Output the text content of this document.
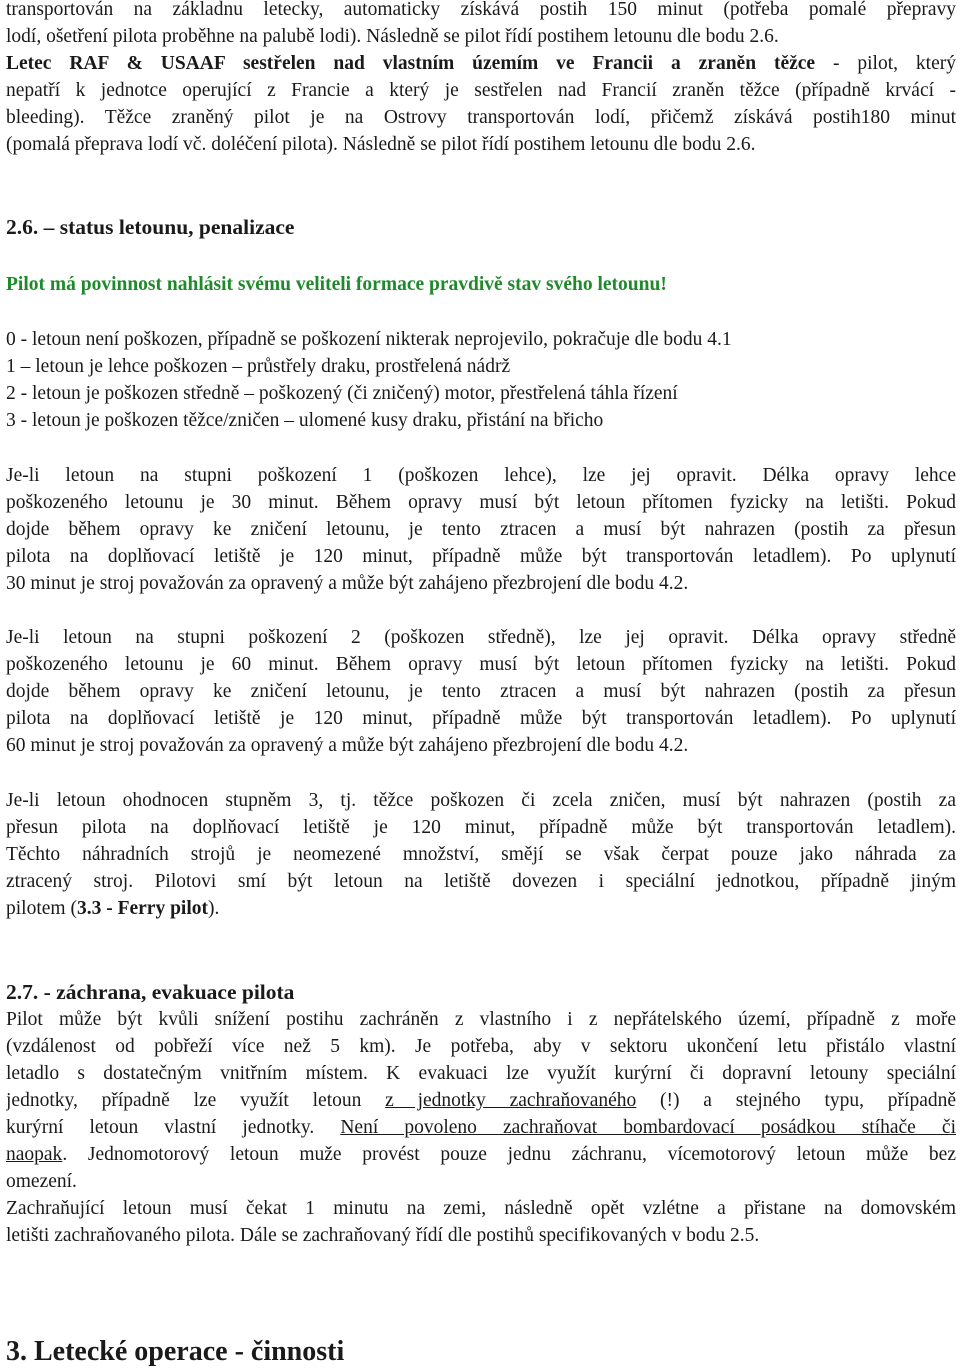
transportován na základnu letecky, automaticky získává postih 150 minut (potřeba pomalé přepravy
lodí, ošetření pilota proběhne na palubě lodi). Následně se pilot řídí postihem letounu dle bodu 2.6.
Letec RAF & USAAF sestřelen nad vlastním územím ve Francii a zraněn těžce - pilot, který
nepatří k jednotce operující z Francie a který je sestřelen nad Francií zraněn těžce (případně krvácí -
bleeding). Těžce zraněný pilot je na Ostrovy transportován lodí, přičemž získává postih180 minut
(pomalá přeprava lodí vč. doléčení pilota). Následně se pilot řídí postihem letounu dle bodu 2.6.
2.6. – status letounu, penalizace
Pilot má povinnost nahlásit svému veliteli formace pravdivě stav svého letounu!
0 - letoun není poškozen, případně se poškození nikterak neprojevilo, pokračuje dle bodu 4.1
1 – letoun je lehce poškozen – průstřely draku, prostřelená nádrž
2 - letoun je poškozen středně – poškozený (či zničený) motor, přestřelená táhla řízení
3 - letoun je poškozen těžce/zničen – ulomené kusy draku, přistání na břicho
Je-li letoun na stupni poškození 1 (poškozen lehce), lze jej opravit. Délka opravy lehce
poškozeného letounu je 30 minut. Během opravy musí být letoun přítomen fyzicky na letišti. Pokud
dojde během opravy ke zničení letounu, je tento ztracen a musí být nahrazen (postih za přesun
pilota na doplňovací letiště je 120 minut, případně může být transportován letadlem). Po uplynutí
30 minut je stroj považován za opravený a může být zahájeno přezbrojení dle bodu 4.2.
Je-li letoun na stupni poškození 2 (poškozen středně), lze jej opravit. Délka opravy středně
poškozeného letounu je 60 minut. Během opravy musí být letoun přítomen fyzicky na letišti. Pokud
dojde během opravy ke zničení letounu, je tento ztracen a musí být nahrazen (postih za přesun
pilota na doplňovací letiště je 120 minut, případně může být transportován letadlem). Po uplynutí
60 minut je stroj považován za opravený a může být zahájeno přezbrojení dle bodu 4.2.
Je-li letoun ohodnocen stupněm 3, tj. těžce poškozen či zcela zničen, musí být nahrazen (postih za
přesun pilota na doplňovací letiště je 120 minut, případně může být transportován letadlem).
Těchto náhradních strojů je neomezené množství, smějí se však čerpat pouze jako náhrada za
ztracený stroj. Pilotovi smí být letoun na letiště dovezen i speciální jednotkou, případně jiným
pilotem (3.3 - Ferry pilot).
2.7. - záchrana, evakuace pilota
Pilot může být kvůli snížení postihu zachráněn z vlastního i z nepřátelského území, případně z moře
(vzdálenost od pobřeží více než 5 km). Je potřeba, aby v sektoru ukončení letu přistálo vlastní
letadlo s dostatečným vnitřním místem. K evakuaci lze využít kurýrní či dopravní letouny speciální
jednotky, případně lze využít letoun z jednotky zachraňovaného (!) a stejného typu, případně
kurýrní letoun vlastní jednotky. Není povoleno zachraňovat bombardovací posádkou stíhače či
naopak. Jednomotorový letoun muže provést pouze jednu záchranu, vícemotorový letoun může bez
omezení.
Zachraňující letoun musí čekat 1 minutu na zemi, následně opět vzlétne a přistane na domovském
letišti zachraňovaného pilota. Dále se zachraňovaný řídí dle postihů specifikovaných v bodu 2.5.
3. Letecké operace - činnosti
